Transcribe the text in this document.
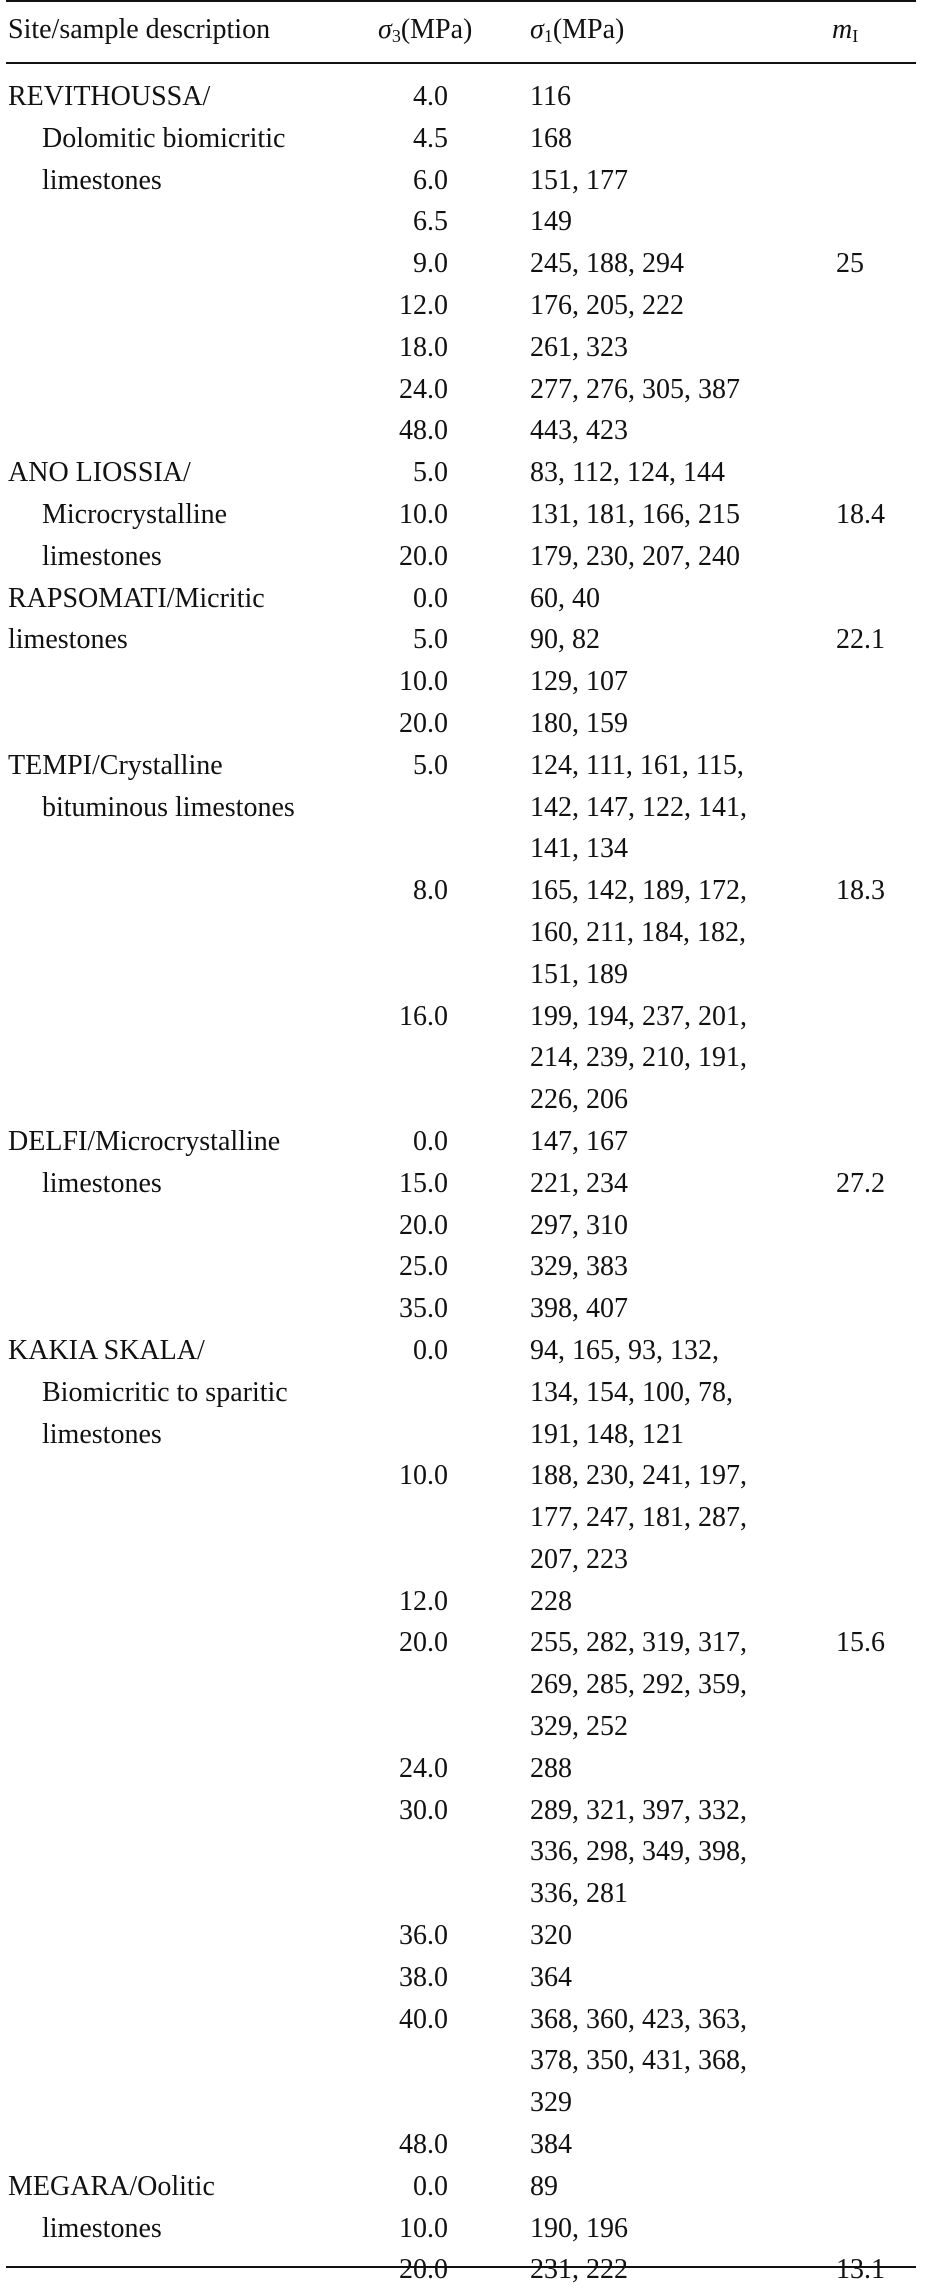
Site/sample description	$\sigma_3(MPa)$ $\sigma_1(MPa)$	$m_I$
REVITHOUSSA/
Dolomitic biomicritic
limestones	4.0	116	

	4.5	168	

	6.0	151, 177	

	6.5	149	

	9.0	245, 188, 294	25

	12.0	176, 205, 222	

	18.0	261, 323	

	24.0	277, 276, 305, 387	

	48.0	443, 423	

ANO LIOSSIA/
Microcrystalline
limestones	5.0	83, 112, 124, 144	

	10.0	131, 181, 166, 215	18.4

	20.0	179, 230, 207, 240	

RAPSOMATI/Micritic
limestones	0.0	60, 40	

	5.0	90, 82	22.1

	10.0	129, 107	

	20.0	180, 159	

TEMPI/Crystalline
bituminous limestones	5.0	124, 111, 161, 115,
142, 147, 122, 141,
141, 134	

	8.0	165, 142, 189, 172,
160, 211, 184, 182,
151, 189	18.3

	16.0	199, 194, 237, 201,
214, 239, 210, 191,
226, 206	

DELFI/Microcrystalline
limestones	0.0	147, 167	

	15.0	221, 234	27.2

	20.0	297, 310	

	25.0	329, 383	

	35.0	398, 407	

KAKIA SKALA/
Biomicritic to sparitic
limestones	0.0	94, 165, 93, 132,
134, 154, 100, 78,
191, 148, 121	

	10.0	188, 230, 241, 197,
177, 247, 181, 287,
207, 223	

	12.0	228	

	20.0	255, 282, 319, 317,
269, 285, 292, 359,
329, 252	15.6

	24.0	288	

	30.0	289, 321, 397, 332,
336, 298, 349, 398,
336, 281	

	36.0	320	

	38.0	364	

	40.0	368, 360, 423, 363,
378, 350, 431, 368,
329	

	48.0	384	

MEGARA/Oolitic
limestones	0.0	89	

	10.0	190, 196	

	20.0	231, 222	13.1
